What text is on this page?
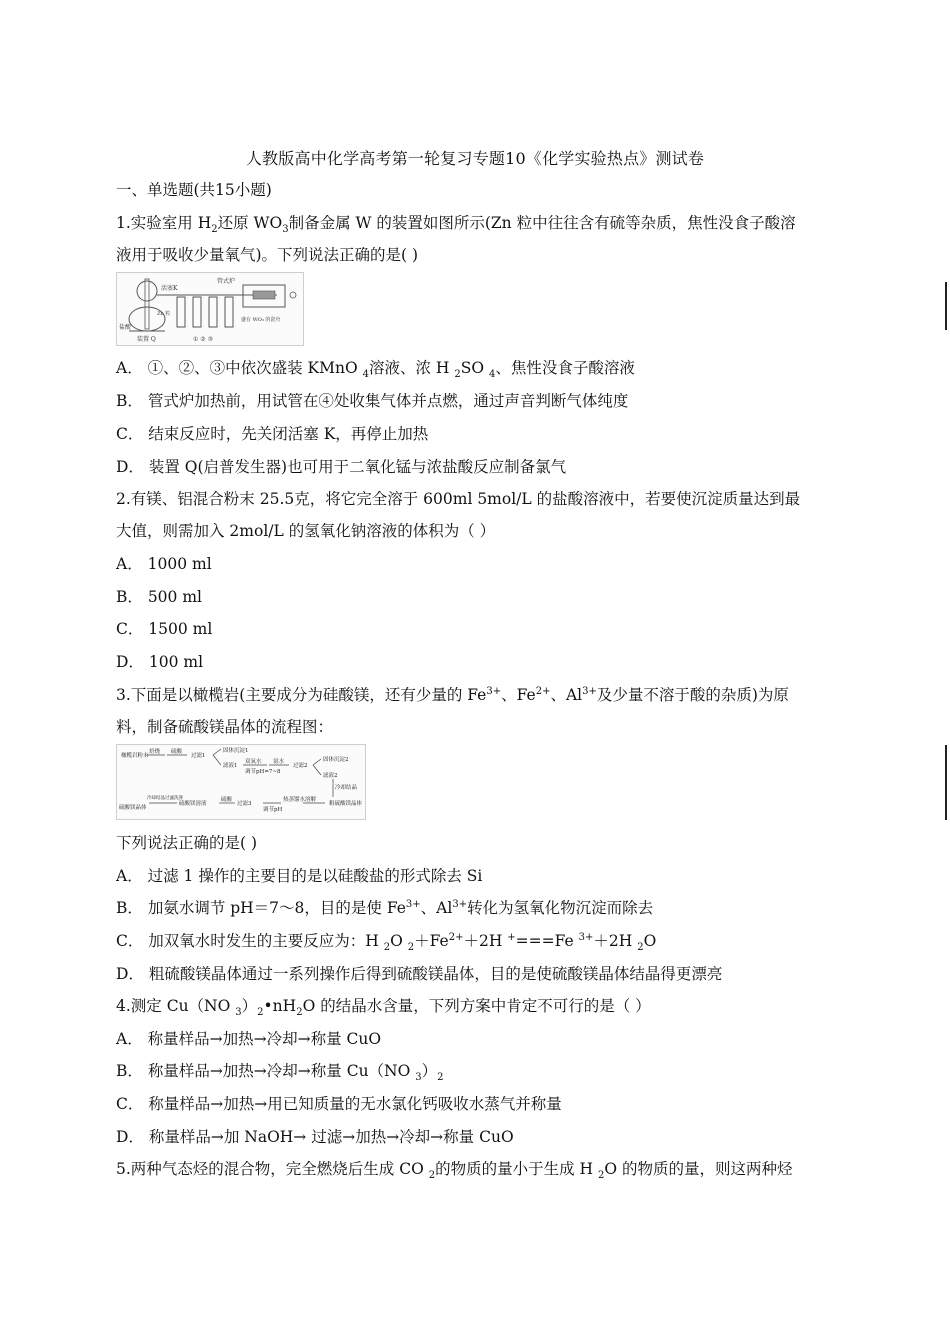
人教版高中化学高考第一轮复习专题10《化学实验热点》测试卷
一、单选题(共15小题)
1.实验室用 $H_2$还原 $WO_3$制备金属 W 的装置如图所示(Zn 粒中往往含有硫等杂质，焦性没食子酸溶
液用于吸收少量氧气)。下列说法正确的是( )
活塞K
管式炉
Zn 粒
盐酸
装置 Q	① ② ③
盛有 WO₃ 的瓷舟
A． ①、②、③中依次盛装 KMnO $_4$溶液、浓 H $_2$SO $_4$、焦性没食子酸溶液
B． 管式炉加热前，用试管在④处收集气体并点燃，通过声音判断气体纯度
C． 结束反应时，先关闭活塞 K，再停止加热
D． 装置 Q(启普发生器)也可用于二氧化锰与浓盐酸反应制备氯气
2.有镁、铝混合粉末 25.5克，将它完全溶于 600ml 5mol/L 的盐酸溶液中，若要使沉淀质量达到最
大值，则需加入 2mol/L 的氢氧化钠溶液的体积为（ ）
A． 1000 ml
B． 500 ml
C． 1500 ml
D． 100 ml
3.下面是以橄榄岩(主要成分为硅酸镁，还有少量的 $Fe^{3+}$、$Fe^{2+}$、$Al^{3+}$及少量不溶于酸的杂质)为原
料，制备硫酸镁晶体的流程图：
橄榄岩粉末
焙烧 硫酸
过滤1
固体沉淀1
滤液1
双氧水
调节pH=7~8
氨水
过滤2
固体沉淀2
滤液2
冷却结晶
粗硫酸镁晶体
热蒸馏水溶解
调节pH
过滤3
硫酸
硫酸镁溶液
冷却结晶过滤洗涤
硫酸镁晶体
下列说法正确的是( )
A． 过滤 1 操作的主要目的是以硅酸盐的形式除去 Si
B． 加氨水调节 pH＝7～8，目的是使 $Fe^{3+}$、$Al^{3+}$转化为氢氧化物沉淀而除去
C． 加双氧水时发生的主要反应为：H $_2$O $_2+Fe^{2+}+2H$ +===Fe $^{3+}$＋2H $_2$O
D． 粗硫酸镁晶体通过一系列操作后得到硫酸镁晶体，目的是使硫酸镁晶体结晶得更漂亮
4.测定 Cu（NO $_3)_2•nH_2O$ 的结晶水含量，下列方案中肯定不可行的是（ ）
A． 称量样品→加热→冷却→称量 CuO
B． 称量样品→加热→冷却→称量 Cu（NO $_3)_2$
C． 称量样品→加热→用已知质量的无水氯化钙吸收水蒸气并称量
D． 称量样品→加 NaOH→ 过滤→加热→冷却→称量 CuO
5.两种气态烃的混合物，完全燃烧后生成 CO $_2$的物质的量小于生成 H $_2$O 的物质的量，则这两种烃
